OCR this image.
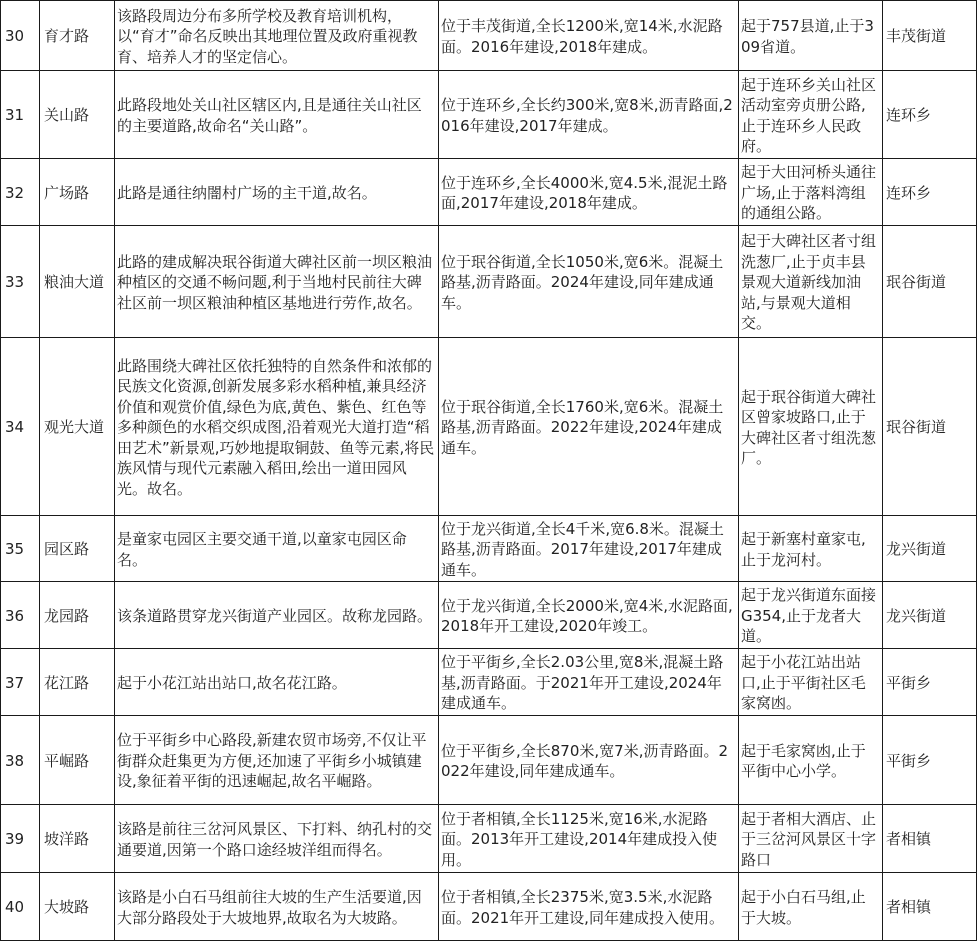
30	育才路	该路段周边分布多所学校及教育培训机构，以“育才”命名反映出其地理位置及政府重视教育、培养人才的坚定信心。	位于丰茂街道,全长1200米,宽14米,水泥路面。2016年建设,2018年建成。	起于757县道,止于309省道。	丰茂街道
31	关山路	此路段地处关山社区辖区内,且是通往关山社区的主要道路,故命名“关山路”。	位于连环乡,全长约300米,宽8米,沥青路面,2016年建设,2017年建成。	起于连环乡关山社区活动室旁贞册公路,止于连环乡人民政府。	连环乡
32	广场路	此路是通往纳闇村广场的主干道,故名。	位于连环乡,全长4000米,宽4.5米,混泥土路面,2017年建设,2018年建成。	起于大田河桥头通往广场,止于落料湾组的通组公路。	连环乡
33	粮油大道	此路的建成解决珉谷街道大碑社区前一坝区粮油种植区的交通不畅问题,利于当地村民前往大碑社区前一坝区粮油种植区基地进行劳作,故名。	位于珉谷街道,全长1050米,宽6米。混凝土路基,沥青路面。2024年建设,同年建成通车。	起于大碑社区者寸组洗葱厂,止于贞丰县景观大道新线加油站,与景观大道相交。	珉谷街道
34	观光大道	此路围绕大碑社区依托独特的自然条件和浓郁的民族文化资源,创新发展多彩水稻种植,兼具经济价值和观赏价值,绿色为底,黄色、紫色、红色等多种颜色的水稻交织成图,沿着观光大道打造“稻田艺术”新景观,巧妙地提取铜鼓、鱼等元素,将民族风情与现代元素融入稻田,绘出一道田园风光。故名。	位于珉谷街道,全长1760米,宽6米。混凝土路基,沥青路面。2022年建设,2024年建成通车。	起于珉谷街道大碑社区曾家坡路口,止于大碑社区者寸组洗葱厂。	珉谷街道
35	园区路	是童家屯园区主要交通干道,以童家屯园区命名。	位于龙兴街道,全长4千米,宽6.8米。混凝土路基,沥青路面。2017年建设,2017年建成通车。	起于新塞村童家屯,止于龙河村。	龙兴街道
36	龙园路	该条道路贯穿龙兴街道产业园区。故称龙园路。	位于龙兴街道,全长2000米,宽4米,水泥路面,2018年开工建设,2020年竣工。	起于龙兴街道东面接G354,止于龙者大道。	龙兴街道
37	花江路	起于小花江站出站口,故名花江路。	位于平街乡,全长2.03公里,宽8米,混凝土路基,沥青路面。于2021年开工建设,2024年建成通车。	起于小花江站出站口,止于平街社区毛家窝凼。	平街乡
38	平崛路	位于平街乡中心路段,新建农贸市场旁,不仅让平街群众赶集更为方便,还加速了平街乡小城镇建设,象征着平街的迅速崛起,故名平崛路。	位于平街乡,全长870米,宽7米,沥青路面。2022年建设,同年建成通车。	起于毛家窝凼,止于平街中心小学。	平街乡
39	坡洋路	该路是前往三岔河风景区、下打料、纳孔村的交通要道,因第一个路口途经坡洋组而得名。	位于者相镇,全长1125米,宽16米,水泥路面。2013年开工建设,2014年建成投入使用。	起于者相大酒店、止于三岔河风景区十字路口	者相镇
40	大坡路	该路是小白石马组前往大坡的生产生活要道,因大部分路段处于大坡地界,故取名为大坡路。	位于者相镇,全长2375米,宽3.5米,水泥路面。2021年开工建设,同年建成投入使用。	起于小白石马组,止于大坡。	者相镇
